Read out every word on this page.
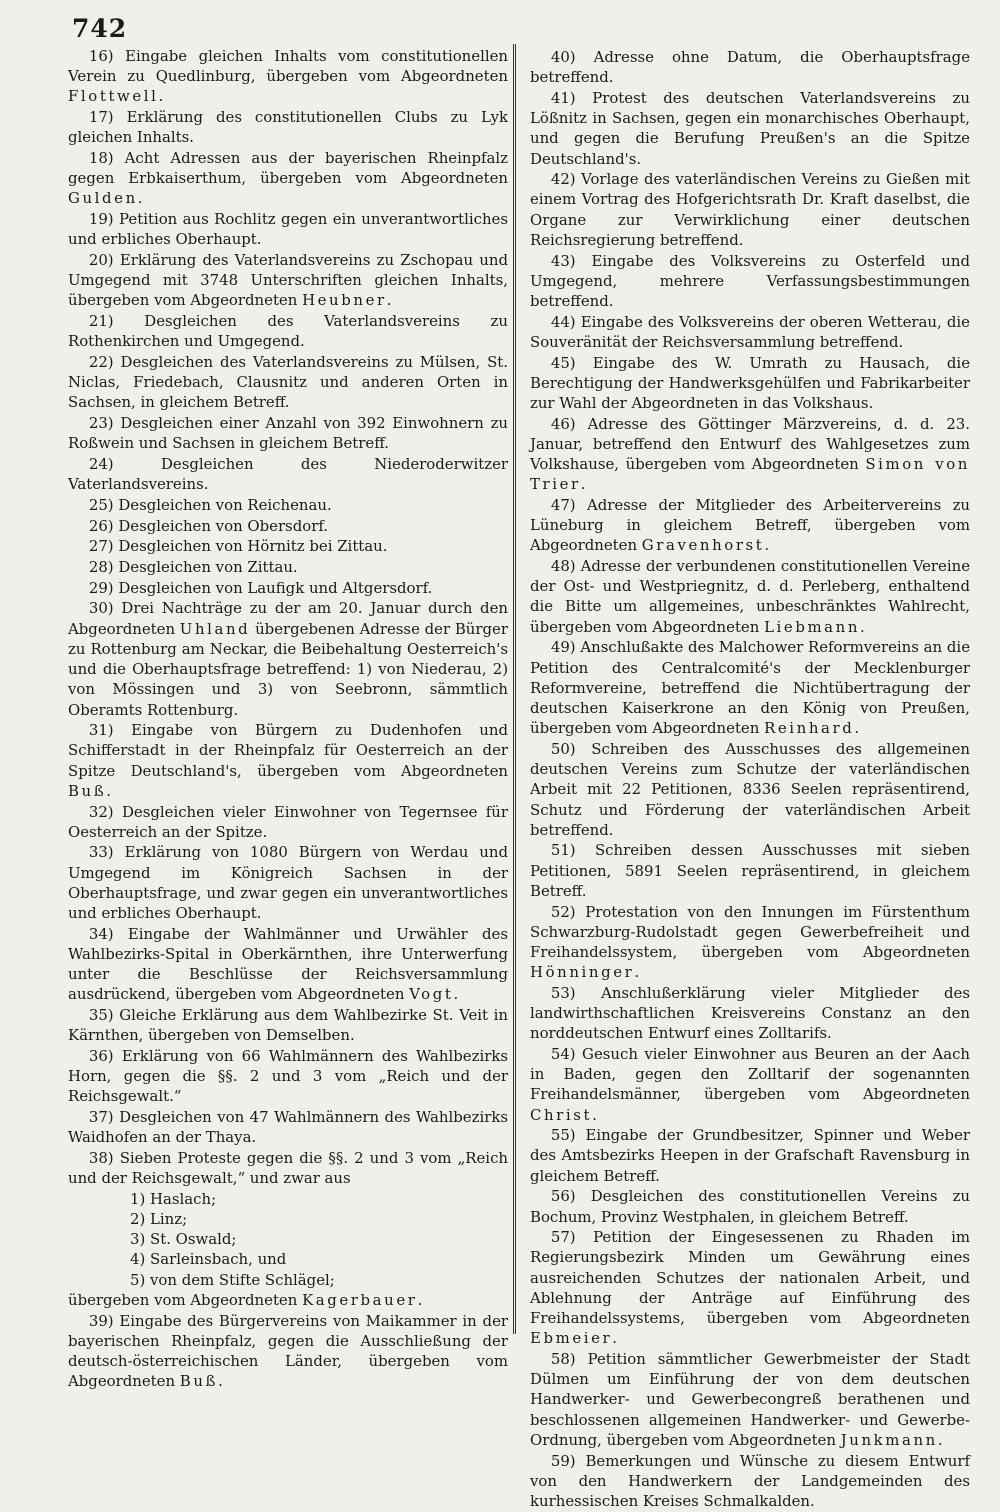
742

16) Eingabe gleichen Inhalts vom constitutionellen Verein zu Quedlinburg, übergeben vom Abgeordneten Flottwell.

17) Erklärung des constitutionellen Clubs zu Lyk gleichen Inhalts.

18) Acht Adressen aus der bayerischen Rheinpfalz gegen Erbkaiserthum, übergeben vom Abgeordneten Gulden.

19) Petition aus Rochlitz gegen ein unverantwortliches und erbliches Oberhaupt.

20) Erklärung des Vaterlandsvereins zu Zschopau und Umgegend mit 3748 Unterschriften gleichen Inhalts, übergeben vom Abgeordneten Heubner.

21) Desgleichen des Vaterlandsvereins zu Rothenkirchen und Umgegend.

22) Desgleichen des Vaterlandsvereins zu Mülsen, St. Niclas, Friedebach, Clausnitz und anderen Orten in Sachsen, in gleichem Betreff.

23) Desgleichen einer Anzahl von 392 Einwohnern zu Roßwein und Sachsen in gleichem Betreff.

24)	Desgleichen des Niederoderwitzer Vaterlandsvereins.

25) Desgleichen von Reichenau.

26) Desgleichen von Obersdorf.

27) Desgleichen von Hörnitz bei Zittau.

28) Desgleichen von Zittau.

29) Desgleichen von Laufigk und Altgersdorf.

30) Drei Nachträge zu der am 20. Januar durch den Abgeordneten Uhland übergebenen Adresse der Bürger zu Rottenburg am Neckar, die Beibehaltung Oesterreich's und die Oberhauptsfrage betreffend: 1) von Niederau, 2) von Mössingen und 3) von Seebronn, sämmtlich Oberamts Rottenburg.

31) Eingabe von Bürgern zu Dudenhofen und Schifferstadt in der Rheinpfalz für Oesterreich an der Spitze Deutschland's, übergeben vom Abgeordneten Buß.

32) Desgleichen vieler Einwohner von Tegernsee für Oesterreich an der Spitze.

33) Erklärung von 1080 Bürgern von Werdau und Umgegend im Königreich Sachsen in der Oberhauptsfrage, und zwar gegen ein unverantwortliches und erbliches Oberhaupt.

34) Eingabe der Wahlmänner und Urwähler des Wahlbezirks-Spital in Oberkärnthen, ihre Unterwerfung unter die Beschlüsse der Reichsversammlung ausdrückend, übergeben vom Abgeordneten Vogt.

35) Gleiche Erklärung aus dem Wahlbezirke St. Veit in Kärnthen, übergeben von Demselben.

36) Erklärung von 66 Wahlmännern des Wahlbezirks Horn, gegen die §§. 2 und 3 vom „Reich und der Reichsgewalt.“

37) Desgleichen von 47 Wahlmännern des Wahlbezirks Waidhofen an der Thaya.

38) Sieben Proteste gegen die §§. 2 und 3 vom „Reich und der Reichsgewalt,“ und zwar aus

1) Haslach;

2) Linz;

3) St. Oswald;

4) Sarleinsbach, und

5) von dem Stifte Schlägel;

übergeben vom Abgeordneten Kagerbauer.

39) Eingabe des Bürgervereins von Maikammer in der bayerischen Rheinpfalz, gegen die Ausschließung der deutsch-österreichischen Länder, übergeben vom Abgeordneten Buß.

40) Adresse ohne Datum, die Oberhauptsfrage betreffend.

41) Protest des deutschen Vaterlandsvereins zu Lößnitz in Sachsen, gegen ein monarchisches Oberhaupt, und gegen die Berufung Preußen's an die Spitze Deutschland's.

42) Vorlage des vaterländischen Vereins zu Gießen mit einem Vortrag des Hofgerichtsrath Dr. Kraft daselbst, die Organe zur Verwirklichung einer deutschen Reichsregierung betreffend.

43) Eingabe des Volksvereins zu Osterfeld und Umgegend, mehrere Verfassungsbestimmungen betreffend.

44) Eingabe des Volksvereins der oberen Wetterau, die Souveränität der Reichsversammlung betreffend.

45) Eingabe des W. Umrath zu Hausach, die Berechtigung der Handwerksgehülfen und Fabrikarbeiter zur Wahl der Abgeordneten in das Volkshaus.

46) Adresse des Göttinger Märzvereins, d. d. 23. Januar, betreffend den Entwurf des Wahlgesetzes zum Volkshause, übergeben vom Abgeordneten Simon von Trier.

47) Adresse der Mitglieder des Arbeitervereins zu Lüneburg in gleichem Betreff, übergeben vom Abgeordneten Gravenhorst.

48) Adresse der verbundenen constitutionellen Vereine der Ost- und Westpriegnitz, d. d. Perleberg, enthaltend die Bitte um allgemeines, unbeschränktes Wahlrecht, übergeben vom Abgeordneten Liebmann.

49) Anschlußakte des Malchower Reformvereins an die Petition des Centralcomité's der Mecklenburger Reformvereine, betreffend die Nichtübertragung der deutschen Kaiserkrone an den König von Preußen, übergeben vom Abgeordneten Reinhard.

50) Schreiben des Ausschusses des allgemeinen deutschen Vereins zum Schutze der vaterländischen Arbeit mit 22 Petitionen, 8336 Seelen repräsentirend, Schutz und Förderung der vaterländischen Arbeit betreffend.

51) Schreiben dessen Ausschusses mit sieben Petitionen, 5891 Seelen repräsentirend, in gleichem Betreff.

52) Protestation von den Innungen im Fürstenthum Schwarzburg-Rudolstadt gegen Gewerbefreiheit und Freihandelssystem, übergeben vom Abgeordneten Hönninger.

53) Anschlußerklärung vieler Mitglieder des landwirthschaftlichen Kreisvereins Constanz an den norddeutschen Entwurf eines Zolltarifs.

54) Gesuch vieler Einwohner aus Beuren an der Aach in Baden, gegen den Zolltarif der sogenannten Freihandelsmänner, übergeben vom Abgeordneten Christ.

55) Eingabe der Grundbesitzer, Spinner und Weber des Amtsbezirks Heepen in der Grafschaft Ravensburg in gleichem Betreff.

56) Desgleichen des constitutionellen Vereins zu Bochum, Provinz Westphalen, in gleichem Betreff.

57) Petition der Eingesessenen zu Rhaden im Regierungsbezirk Minden um Gewährung eines ausreichenden Schutzes der nationalen Arbeit, und Ablehnung der Anträge auf Einführung des Freihandelssystems, übergeben vom Abgeordneten Ebmeier.

58) Petition sämmtlicher Gewerbmeister der Stadt Dülmen um Einführung der von dem deutschen Handwerker- und Gewerbecongreß berathenen und beschlossenen allgemeinen Handwerker- und Gewerbe-Ordnung, übergeben vom Abgeordneten Junkmann.

59) Bemerkungen und Wünsche zu diesem Entwurf von den Handwerkern der Landgemeinden des kurhessischen Kreises Schmalkalden.
